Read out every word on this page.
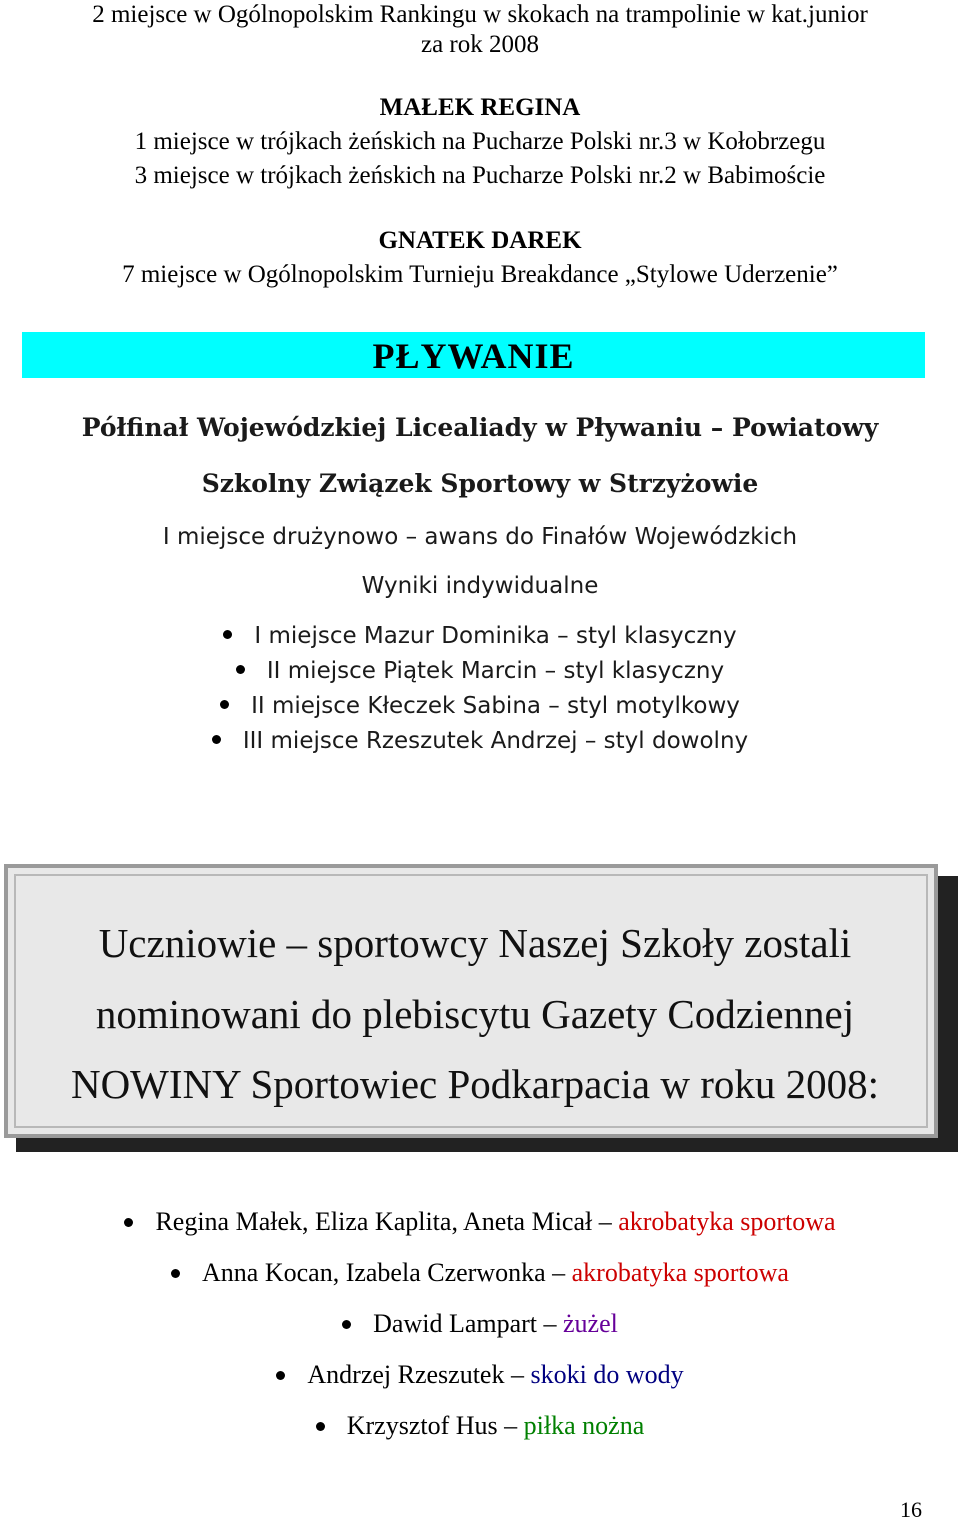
2 miejsce w Ogólnopolskim Rankingu w skokach na trampolinie w kat.junior
za rok 2008
MAŁEK REGINA
1 miejsce w trójkach żeńskich na Pucharze Polski nr.3 w Kołobrzegu
3 miejsce w trójkach żeńskich na Pucharze Polski nr.2 w Babimoście
GNATEK DAREK
7 miejsce w Ogólnopolskim Turnieju Breakdance „Stylowe Uderzenie”
PŁYWANIE
Półfinał Wojewódzkiej Licealiady w Pływaniu – Powiatowy
Szkolny Związek Sportowy w Strzyżowie
I miejsce drużynowo – awans do Finałów Wojewódzkich
Wyniki indywidualne
I miejsce Mazur Dominika – styl klasyczny
II miejsce Piątek Marcin – styl klasyczny
II miejsce Kłeczek Sabina – styl motylkowy
III miejsce Rzeszutek Andrzej – styl dowolny
Uczniowie – sportowcy Naszej Szkoły zostali
nominowani do plebiscytu Gazety Codziennej
NOWINY Sportowiec Podkarpacia w roku 2008:
Regina Małek, Eliza Kaplita, Aneta Micał – akrobatyka sportowa
Anna Kocan, Izabela Czerwonka – akrobatyka sportowa
Dawid Lampart – żużel
Andrzej Rzeszutek – skoki do wody
Krzysztof Hus – piłka nożna
16
